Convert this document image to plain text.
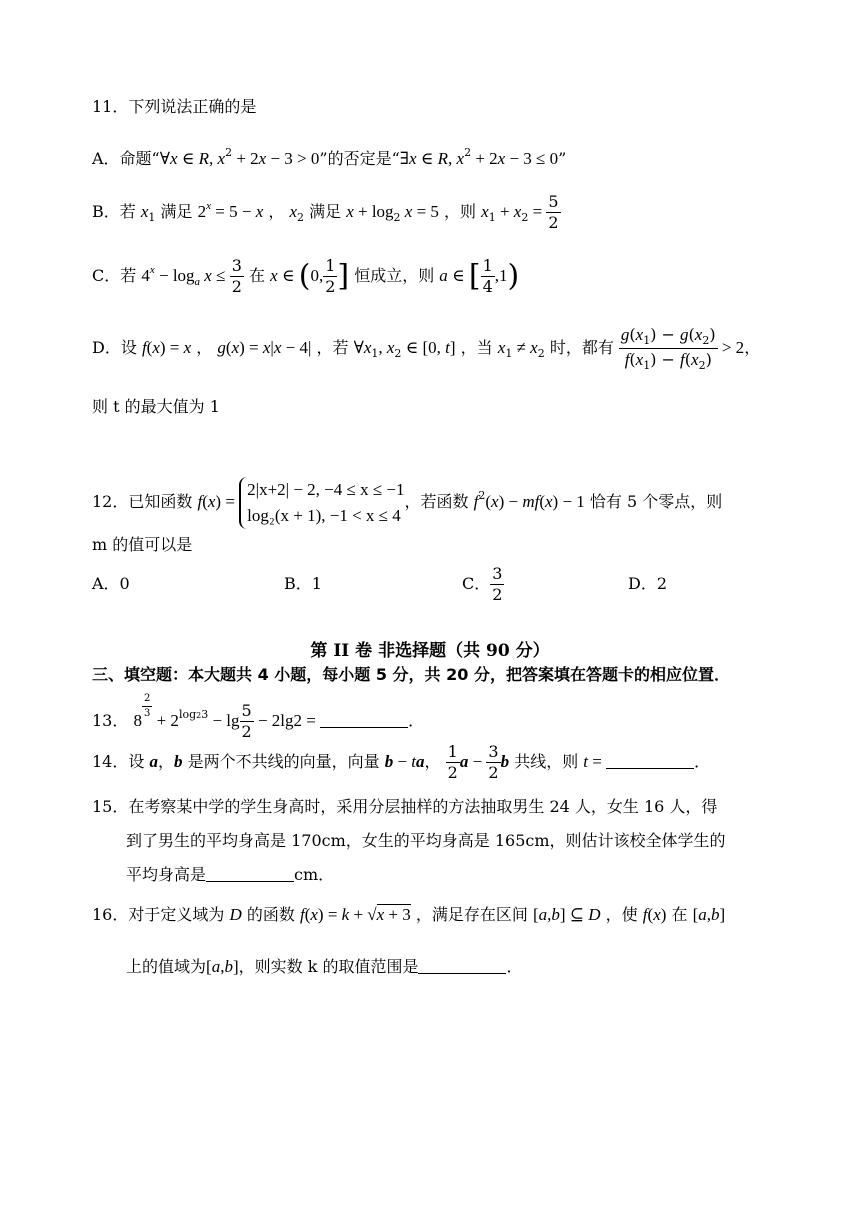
11．下列说法正确的是
A．命题“∀x ∈ R, $x^2 + 2x - 3 > 0$”的否定是“∃x ∈ R, $x^2 + 2x - 3 \le 0$”
B．若 $x_1$ 满足 $2^x = 5 - x$ ， $x_2$ 满足 $x + \log_2 x = 5$ ，则 $x_1 + x_2 = \frac{5}{2}$
C．若 $4^x - \log_a x \le \frac{3}{2}$ 在 x ∈ (0, $\frac{1}{2}$ ] 恒成立，则 a ∈ [ $\frac{1}{4} ,1$)
D．设 f(x) = x ， g(x) = x|x − 4| ，若 $\forall x_1$, $x_2$ ∈ [0, t] ，当 $x_1 \ne x_2$ 时，都有 $\frac{g(x_1) - g(x_2)}{f(x_1) - f(x_2)} > 2$，
则 t 的最大值为 1
12．已知函数 f(x) =
2|x+2| − 2, −4 ≤ x ≤ −1
log₂(x + 1), −1 < x ≤ 4
，若函数 $f^2(x) - mf(x) - 1$ 恰有 5 个零点，则
m 的值可以是
A．0	B．1	C． $\frac{3}{2}$	D．2
第 II 卷 非选择题（共 90 分）
三、填空题：本大题共 4 小题，每小题 5 分，共 20 分，把答案填在答题卡的相应位置．
13． 8
$\frac{2}{3}$
+ $2^{log23} - \lg \frac{5}{2} - 2\lg 2$ =	．
14．设 a，b 是两个不共线的向量，向量 b − ta， $\frac{1}{2}$ $a - \frac{3}{2}$ b 共线，则 t =	．
15．在考察某中学的学生身高时，采用分层抽样的方法抽取男生 24 人，女生 16 人，得
到了男生的平均身高是 170cm，女生的平均身高是 165cm，则估计该校全体学生的
平均身高是	cm．
16．对于定义域为 D 的函数 f(x) = k + √x + 3 ，满足存在区间 [a,b] ⊆ D ，使 f(x) 在 [a,b]
上的值域为[a,b]，则实数 k 的取值范围是	．
